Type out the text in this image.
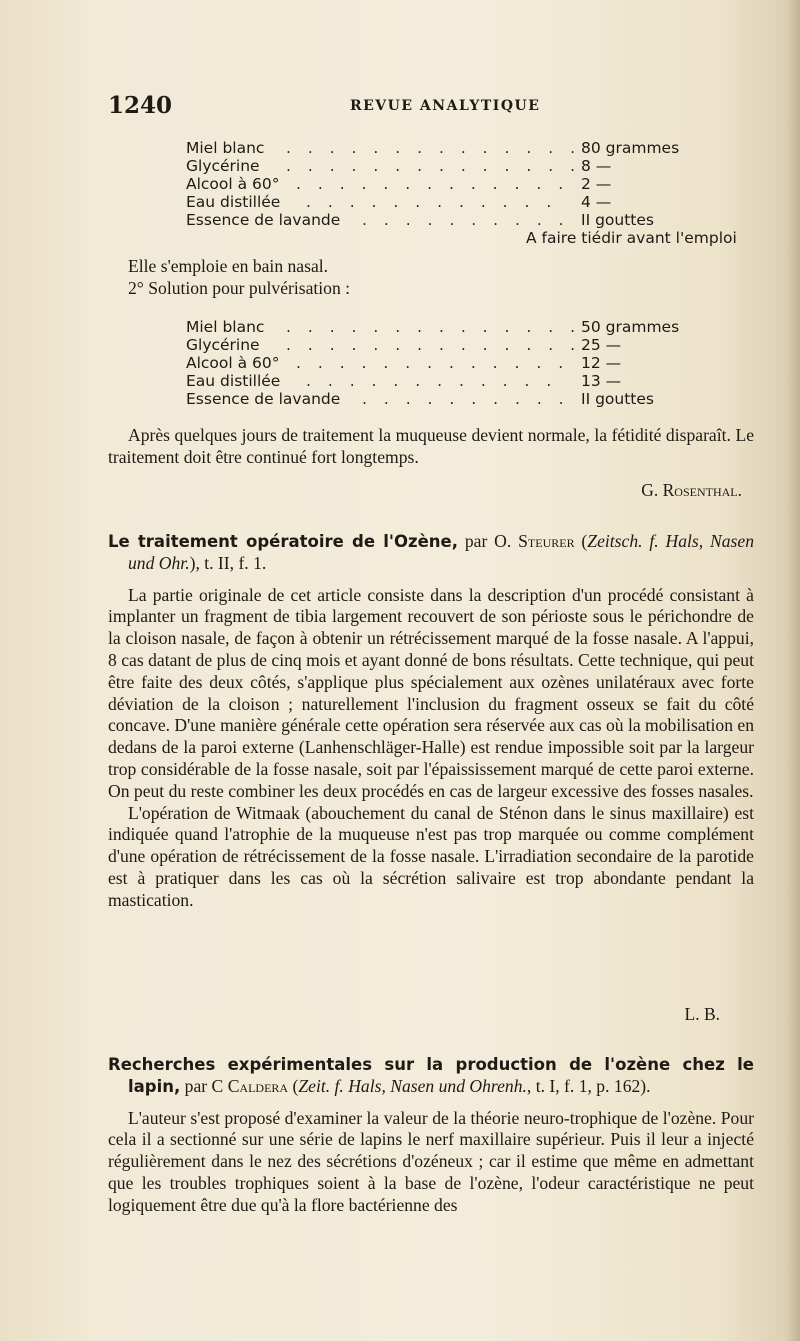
1240	REVUE ANALYTIQUE
Miel blanc . . . . . . . . . . . . . . 80 grammes
Glycérine . . . . . . . . . . . . . . 8 —
Alcool à 60° . . . . . . . . . . . . . 2 —
Eau distillée . . . . . . . . . . . . 4 —
Essence de lavande . . . . . . . . . . II gouttes
A faire tiédir avant l'emploi

Elle s'emploie en bain nasal.

2° Solution pour pulvérisation :

Miel blanc . . . . . . . . . . . . . . 50 grammes
Glycérine . . . . . . . . . . . . . . 25 —
Alcool à 60° . . . . . . . . . . . . . 12 —
Eau distillée . . . . . . . . . . . . 13 —
Essence de lavande . . . . . . . . . . II gouttes

Après quelques jours de traitement la muqueuse devient normale, la fétidité disparaît. Le traitement doit être continué fort longtemps.

G. Rosenthal.

Le traitement opératoire de l'Ozène, par O. Steurer (Zeitsch. f. Hals, Nasen und Ohr.), t. II, f. 1.

La partie originale de cet article consiste dans la description d'un procédé consistant à implanter un fragment de tibia largement recouvert de son périoste sous le périchondre de la cloison nasale, de façon à obtenir un rétrécissement marqué de la fosse nasale. A l'appui, 8 cas datant de plus de cinq mois et ayant donné de bons résultats. Cette technique, qui peut être faite des deux côtés, s'applique plus spécialement aux ozènes unilatéraux avec forte déviation de la cloison ; naturellement l'inclusion du fragment osseux se fait du côté concave. D'une manière générale cette opération sera réservée aux cas où la mobilisation en dedans de la paroi externe (Lanhenschläger-Halle) est rendue impossible soit par la largeur trop considérable de la fosse nasale, soit par l'épaississement marqué de cette paroi externe. On peut du reste combiner les deux procédés en cas de largeur excessive des fosses nasales.

L'opération de Witmaak (abouchement du canal de Sténon dans le sinus maxillaire) est indiquée quand l'atrophie de la muqueuse n'est pas trop marquée ou comme complément d'une opération de rétrécissement de la fosse nasale. L'irradiation secondaire de la parotide est à pratiquer dans les cas où la sécrétion salivaire est trop abondante pendant la mastication.

L. B.

Recherches expérimentales sur la production de l'ozène chez le lapin, par C Caldera (Zeit. f. Hals, Nasen und Ohrenh., t. I, f. 1, p. 162).

L'auteur s'est proposé d'examiner la valeur de la théorie neuro-trophique de l'ozène. Pour cela il a sectionné sur une série de lapins le nerf maxillaire supérieur. Puis il leur a injecté régulièrement dans le nez des sécrétions d'ozéneux ; car il estime que même en admettant que les troubles trophiques soient à la base de l'ozène, l'odeur caractéristique ne peut logiquement être due qu'à la flore bactérienne des
